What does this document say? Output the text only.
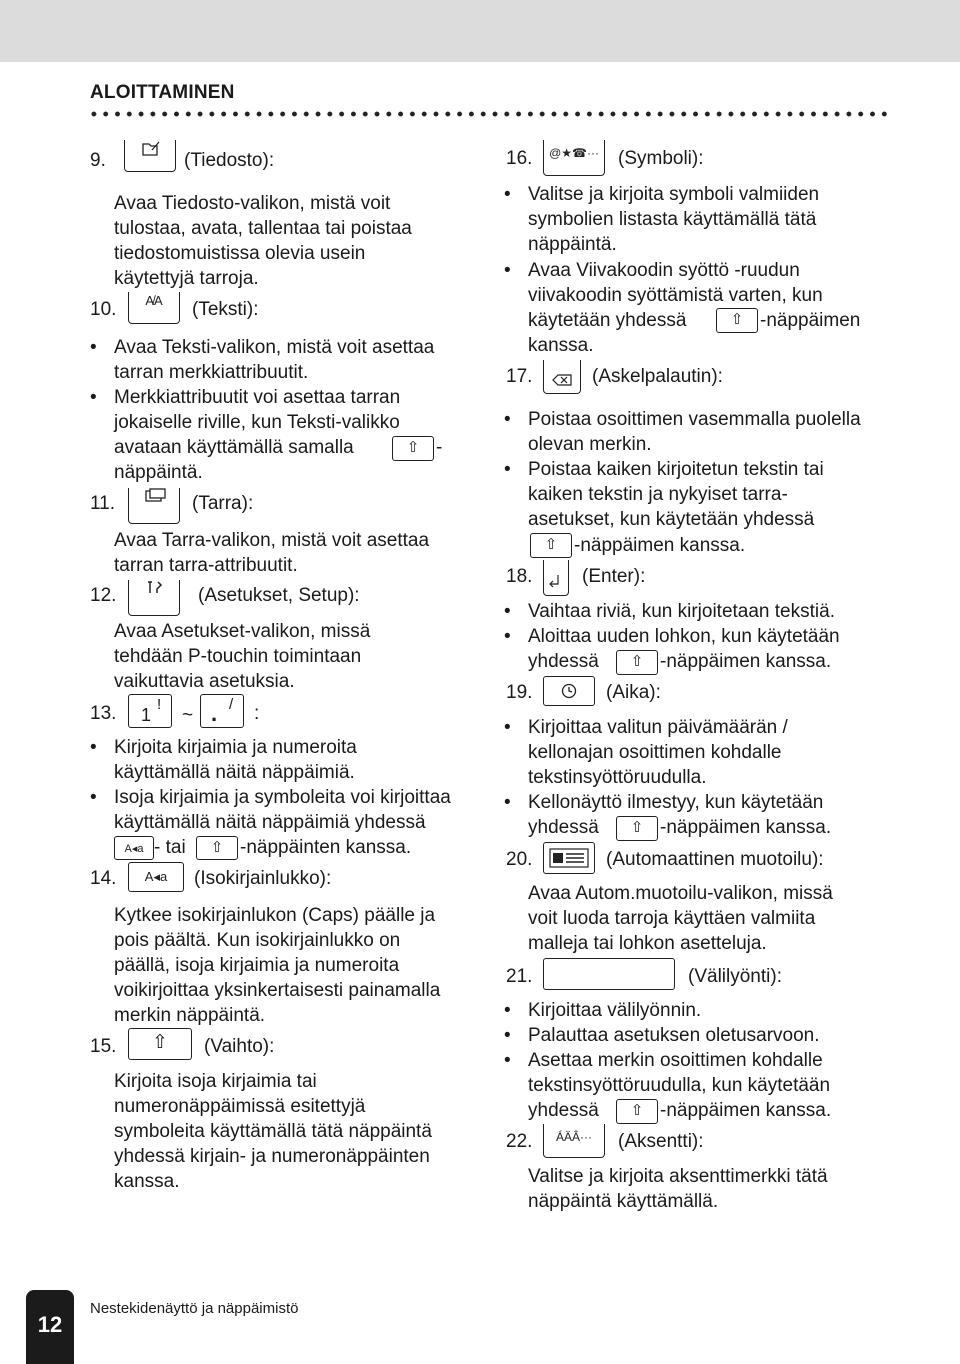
ALOITTAMINEN
9.	(Tiedosto):
Avaa Tiedosto-valikon, mistä voit
tulostaa, avata, tallentaa tai poistaa
tiedostomuistissa olevia usein
käytettyjä tarroja.
10.	A̸A	(Teksti):
• Avaa Teksti-valikon, mistä voit asettaa
tarran merkkiattribuutit.
• Merkkiattribuutit voi asettaa tarran
jokaiselle riville, kun Teksti-valikko
avataan käyttämällä samalla	⇧ -
näppäintä.
11.	(Tarra):
Avaa Tarra-valikon, mistä voit asettaa
tarran tarra-attribuutit.
12.	(Asetukset, Setup):
Avaa Asetukset-valikon, missä
tehdään P-touchin toimintaan
vaikuttavia asetuksia.
13. 1
!
~ . / :
• Kirjoita kirjaimia ja numeroita
käyttämällä näitä näppäimiä.
• Isoja kirjaimia ja symboleita voi kirjoittaa
käyttämällä näitä näppäimiä yhdessä
A◂a - tai	⇧ -näppäinten kanssa.
14.	A◂a	(Isokirjainlukko):
Kytkee isokirjainlukon (Caps) päälle ja
pois päältä. Kun isokirjainlukko on
päällä, isoja kirjaimia ja numeroita
voikirjoittaa yksinkertaisesti painamalla
merkin näppäintä.
15.	⇧	(Vaihto):
Kirjoita isoja kirjaimia tai
numeronäppäimissä esitettyjä
symboleita käyttämällä tätä näppäintä
yhdessä kirjain- ja numeronäppäinten
kanssa.
16.	@★☎··· (Symboli):
• Valitse ja kirjoita symboli valmiiden
symbolien listasta käyttämällä tätä
näppäintä.
• Avaa Viivakoodin syöttö -ruudun
viivakoodin syöttämistä varten, kun
käytetään yhdessä	⇧ -näppäimen
kanssa.
17.	(Askelpalautin):
• Poistaa osoittimen vasemmalla puolella
olevan merkin.
• Poistaa kaiken kirjoitetun tekstin tai
kaiken tekstin ja nykyiset tarra-
asetukset, kun käytetään yhdessä
⇧ -näppäimen kanssa.
18.	(Enter):
• Vaihtaa riviä, kun kirjoitetaan tekstiä.
• Aloittaa uuden lohkon, kun käytetään
yhdessä	⇧ -näppäimen kanssa.
19.	(Aika):
• Kirjoittaa valitun päivämäärän /
kellonajan osoittimen kohdalle
tekstinsyöttöruudulla.
• Kellonäyttö ilmestyy, kun käytetään
yhdessä	⇧ -näppäimen kanssa.
20.	(Automaattinen muotoilu):
Avaa Autom.muotoilu-valikon, missä
voit luoda tarroja käyttäen valmiita
malleja tai lohkon asetteluja.
21.	(Välilyönti):
• Kirjoittaa välilyönnin.
• Palauttaa asetuksen oletusarvoon.
• Asettaa merkin osoittimen kohdalle
tekstinsyöttöruudulla, kun käytetään
yhdessä	⇧ -näppäimen kanssa.
22.	ÁÄÂ···	(Aksentti):
Valitse ja kirjoita aksenttimerkki tätä
näppäintä käyttämällä.
12
Nestekidenäyttö ja näppäimistö
